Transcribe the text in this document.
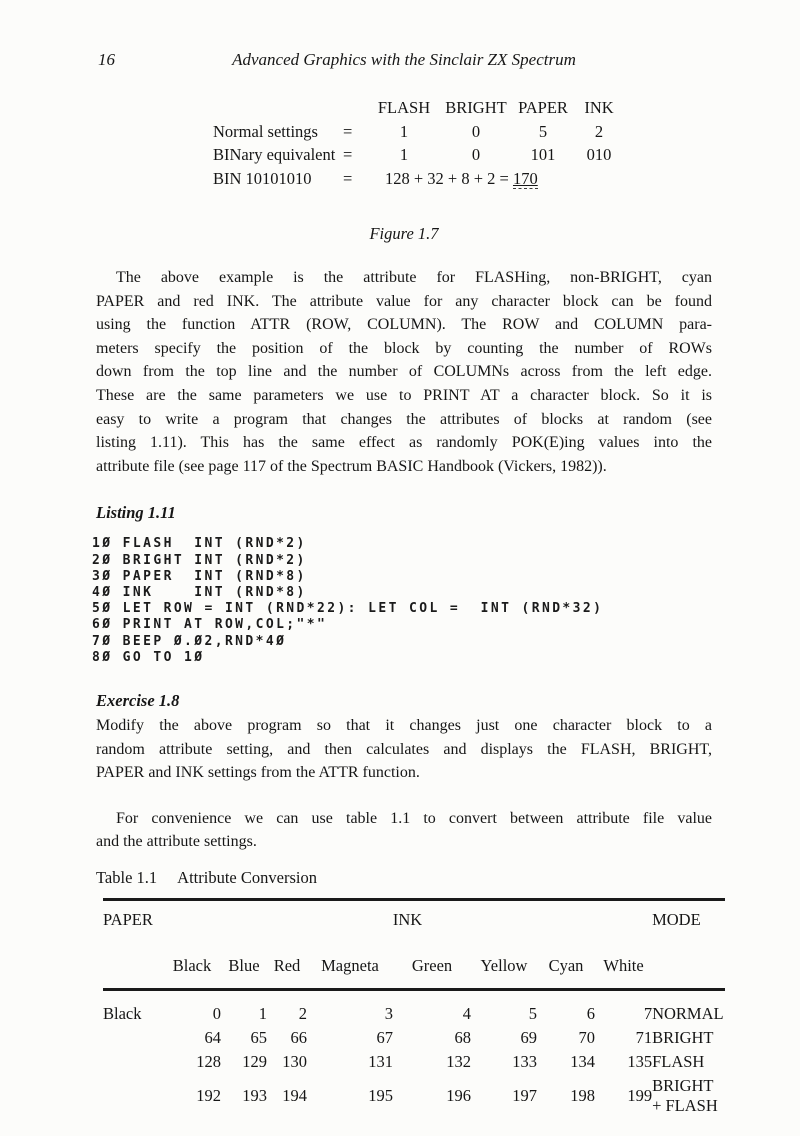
16	Advanced Graphics with the Sinclair ZX Spectrum
FLASH BRIGHT PAPER INK
Normal settings	=	1	0	5	2
BINary equivalent =	1	0	101	010
BIN 10101010	=	128 + 32 + 8 + 2 = 170
Figure 1.7
The above example is the attribute for FLASHing, non-BRIGHT, cyan
PAPER and red INK. The attribute value for any character block can be found
using the function ATTR (ROW, COLUMN). The ROW and COLUMN para-
meters specify the position of the block by counting the number of ROWs
down from the top line and the number of COLUMNs across from the left edge.
These are the same parameters we use to PRINT AT a character block. So it is
easy to write a program that changes the attributes of blocks at random (see
listing 1.11). This has the same effect as randomly POK(E)ing values into the
attribute file (see page 117 of the Spectrum BASIC Handbook (Vickers, 1982)).
Listing 1.11
1Ø FLASH  INT (RND*2)
2Ø BRIGHT INT (RND*2)
3Ø PAPER  INT (RND*8)
4Ø INK    INT (RND*8)
5Ø LET ROW = INT (RND*22): LET COL =  INT (RND*32)
6Ø PRINT AT ROW,COL;"*"
7Ø BEEP Ø.Ø2,RND*4Ø
8Ø GO TO 1Ø
Exercise 1.8
Modify the above program so that it changes just one character block to a
random attribute setting, and then calculates and displays the FLASH, BRIGHT,
PAPER and INK settings from the ATTR function.
For convenience we can use table 1.1 to convert between attribute file value
and the attribute settings.
Table 1.1 Attribute Conversion
PAPER	INK								MODE
	Black	Blue	Red	Magneta	Green	Yellow	Cyan	White	
Black	0	1	2	3	4	5	6	7	NORMAL
	64	65	66	67	68	69	70	71	BRIGHT
	128	129	130	131	132	133	134	135	FLASH
	192	193	194	195	196	197	198	199	BRIGHT
+ FLASH
